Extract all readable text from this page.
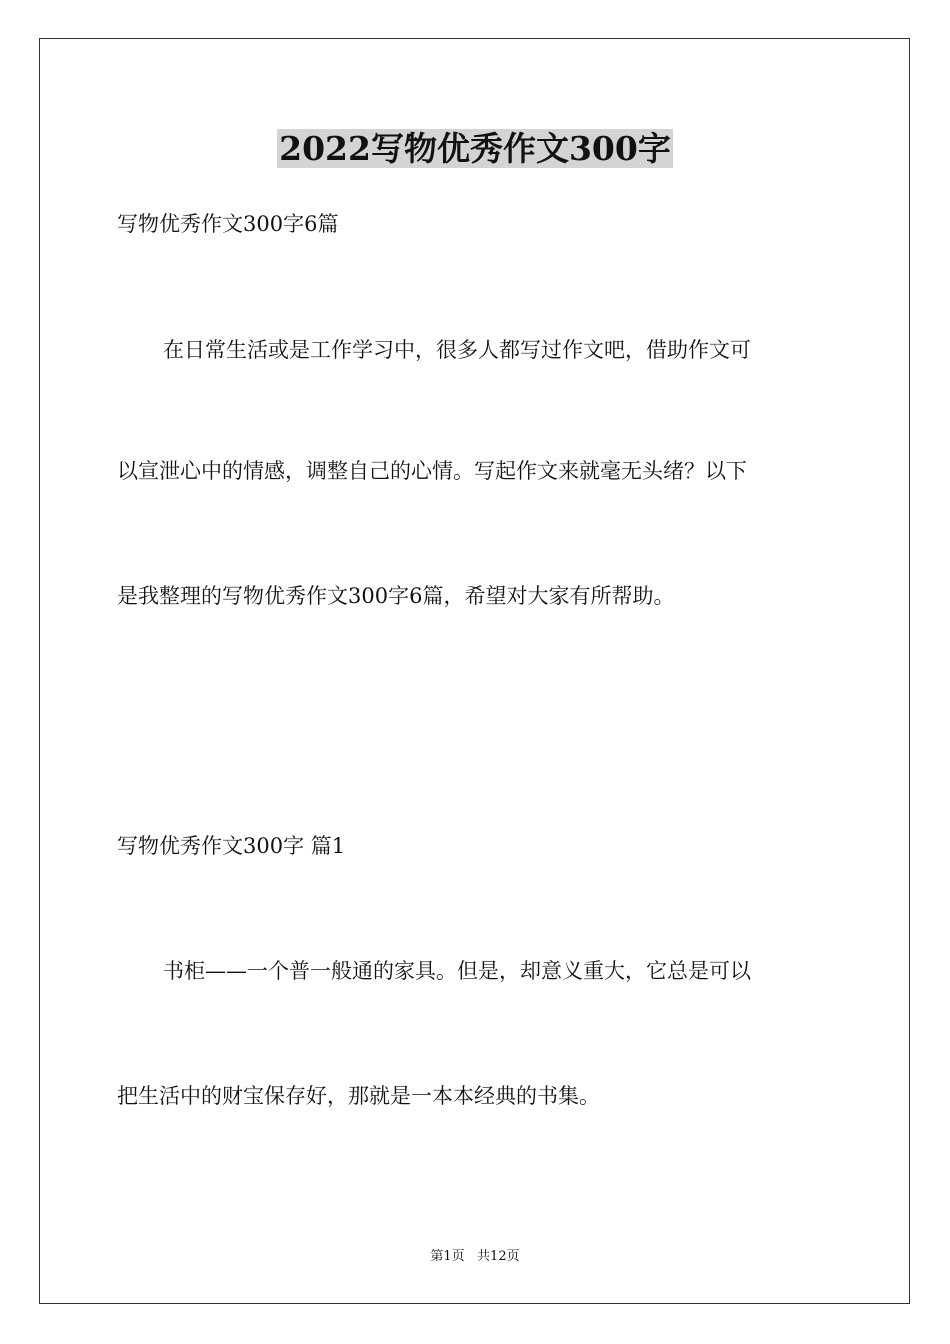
2022写物优秀作文300字
写物优秀作文300字6篇
在日常生活或是工作学习中，很多人都写过作文吧，借助作文可
以宣泄心中的情感，调整自己的心情。写起作文来就毫无头绪？以下
是我整理的写物优秀作文300字6篇，希望对大家有所帮助。
写物优秀作文300字 篇1
书柜——一个普一般通的家具。但是，却意义重大，它总是可以
把生活中的财宝保存好，那就是一本本经典的书集。
第1页   共12页
